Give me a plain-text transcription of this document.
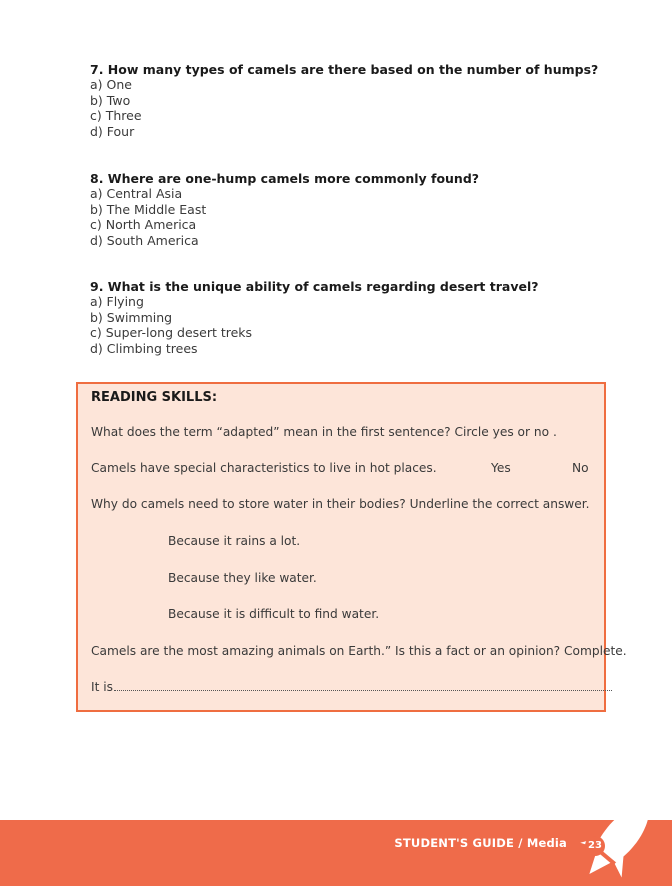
7. How many types of camels are there based on the number of humps?

a) One
b) Two
c) Three
d) Four

8. Where are one-hump camels more commonly found?

a) Central Asia
b) The Middle East
c) North America
d) South America

9. What is the unique ability of camels regarding desert travel?

a) Flying
b) Swimming
c) Super-long desert treks
d) Climbing trees
READING SKILLS:
What does the term “adapted” mean in the first sentence? Circle yes or no .
Camels have special characteristics to live in hot places.	Yes	No
Why do camels need to store water in their bodies? Underline the correct answer.
Because it rains a lot.
Because they like water.
Because it is difficult to find water.
Camels are the most amazing animals on Earth.” Is this a fact or an opinion? Complete.
It is
STUDENT'S GUIDE / Media	23
